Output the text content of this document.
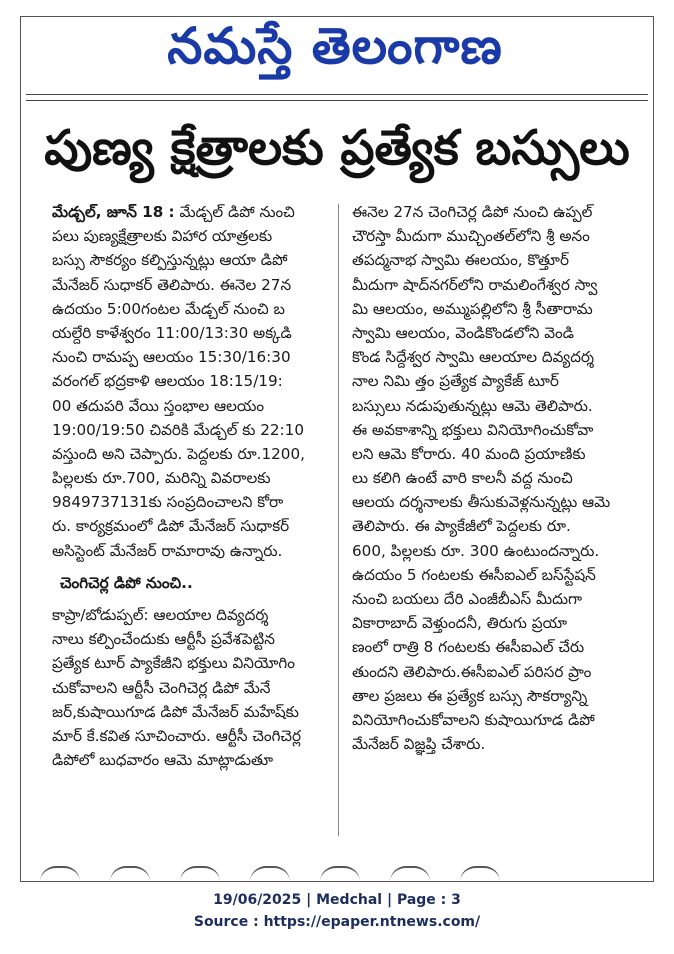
నమస్తే తెలంగాణ
పుణ్య క్షేత్రాలకు ప్రత్యేక బస్సులు
మేడ్చల్, జూన్ 18 : మేడ్చల్ డిపో నుంచి
పలు పుణ్యక్షేత్రాలకు విహార యాత్రలకు
బస్సు సౌకర్యం కల్పిస్తున్నట్లు ఆయా డిపో
మేనేజర్ సుధాకర్ తెలిపారు. ఈనెల 27న
ఉదయం 5:00గంటల మేడ్చల్ నుంచి బ
యల్దేరి కాళేశ్వరం 11:00/13:30 అక్కడి
నుంచి రామప్ప ఆలయం 15:30/16:30
వరంగల్ భద్రకాళి ఆలయం 18:15/19:
00 తదుపరి వేయి స్తంభాల ఆలయం
19:00/19:50 చివరికి మేడ్చల్ కు 22:10
వస్తుంది అని చెప్పారు. పెద్దలకు రూ.1200,
పిల్లలకు రూ.700, మరిన్ని వివరాలకు
9849737131కు సంప్రదించాలని కోరా
రు. కార్యక్రమంలో డిపో మేనేజర్ సుధాకర్
అసిస్టెంట్ మేనేజర్ రామారావు ఉన్నారు.
చెంగిచెర్ల డిపో నుంచి..
కాప్రా/బోడుప్పల్: ఆలయాల దివ్యదర్శ
నాలు కల్పించేందుకు ఆర్టీసీ ప్రవేశపెట్టిన
ప్రత్యేక టూర్ ప్యాకేజీని భక్తులు వినియోగిం
చుకోవాలని ఆర్టీసీ చెంగిచెర్ల డిపో మేనే
జర్,కుషాయిగూడ డిపో మేనేజర్ మహేష్‌కు
మార్ కే.కవిత సూచించారు. ఆర్టీసీ చెంగిచెర్ల
డిపోలో బుధవారం ఆమె మాట్లాడుతూ
ఈనెల 27న చెంగిచెర్ల డిపో నుంచి ఉప్పల్
చౌరస్తా మీదుగా ముచ్చింతల్‌లోని శ్రీ అనం
తపద్మనాభ స్వామి ఈలయం, కొత్తూర్
మీదుగా షాద్‌నగర్‌లోని రామలింగేశ్వర స్వా
మి ఆలయం, అమ్ముపల్లిలోని శ్రీ సీతారామ
స్వామి ఆలయం, వెండికొండలోని వెండి
కొండ సిద్దేశ్వర స్వామి ఆలయాల దివ్యదర్శ
నాల నిమి త్తం ప్రత్యేక ప్యాకేజ్ టూర్
బస్సులు నడుపుతున్నట్లు ఆమె తెలిపారు.
ఈ అవకాశాన్ని భక్తులు వినియోగించుకోవా
లని ఆమె కోరారు. 40 మంది ప్రయాణికు
లు కలిగి ఉంటే వారి కాలనీ వద్ద నుంచి
ఆలయ దర్శనాలకు తీసుకువెళ్లనున్నట్లు ఆమె
తెలిపారు. ఈ ప్యాకేజీలో పెద్దలకు రూ.
600, పిల్లలకు రూ. 300 ఉంటుందన్నారు.
ఉదయం 5 గంటలకు ఈసీఐఎల్ బస్‌స్టేషన్
నుంచి బయలు దేరి ఎంజీబీఎస్ మీదుగా
వికారాబాద్ వెళ్తుందనీ, తిరుగు ప్రయా
ణంలో రాత్రి 8 గంటలకు ఈసీఐఎల్ చేరు
తుందని తెలిపారు.ఈసీఐఎల్ పరిసర ప్రాం
తాల ప్రజలు ఈ ప్రత్యేక బస్సు సౌకర్యాన్ని
వినియోగించుకోవాలని కుషాయిగూడ డిపో
మేనేజర్ విజ్ఞప్తి చేశారు.
19/06/2025 | Medchal | Page : 3
Source : https://epaper.ntnews.com/
